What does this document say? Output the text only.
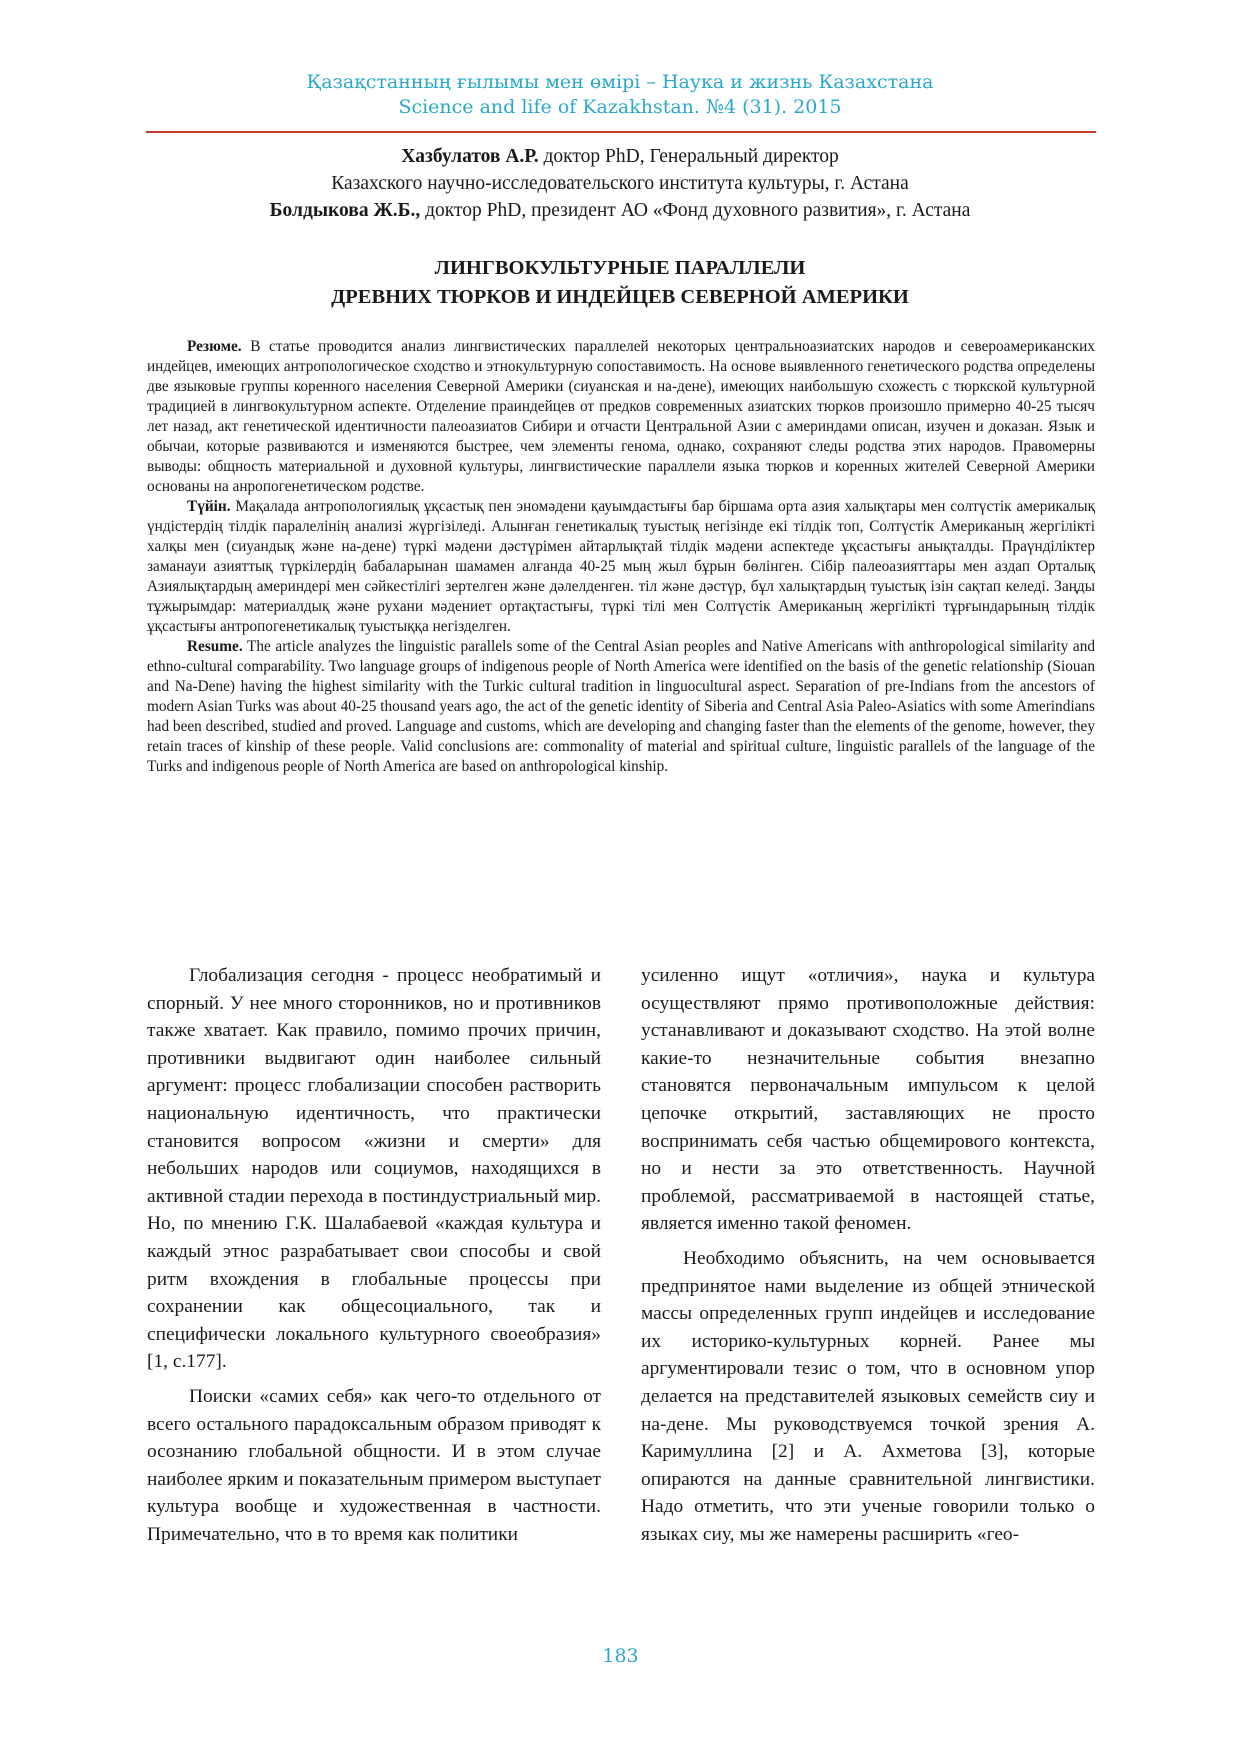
Қазақстанның ғылымы мен өмірі – Наука и жизнь Казахстана
Science and life of Kazakhstan. №4 (31). 2015
Хазбулатов А.Р. доктор PhD, Генеральный директор
Казахского научно-исследовательского института культуры, г. Астана
Болдыкова Ж.Б., доктор PhD, президент АО «Фонд духовного развития», г. Астана
ЛИНГВОКУЛЬТУРНЫЕ ПАРАЛЛЕЛИ
ДРЕВНИХ ТЮРКОВ И ИНДЕЙЦЕВ СЕВЕРНОЙ АМЕРИКИ

Резюме. В статье проводится анализ лингвистических параллелей некоторых центральноазиатских народов и североамериканских индейцев, имеющих антропологическое сходство и этнокультурную сопоставимость. На основе выявленного генетического родства определены две языковые группы коренного населения Северной Америки (сиуанская и на-дене), имеющих наибольшую схожесть с тюркской культурной традицией в лингвокультурном аспекте. Отделение праиндейцев от предков современных азиатских тюрков произошло примерно 40-25 тысяч лет назад, акт генетической идентичности палеоазиатов Сибири и отчасти Центральной Азии с америндами описан, изучен и доказан. Язык и обычаи, которые развиваются и изменяются быстрее, чем элементы генома, однако, сохраняют следы родства этих народов. Правомерны выводы: общность материальной и духовной культуры, лингвистические параллели языка тюрков и коренных жителей Северной Америки основаны на анропогенетическом родстве.

Түйін. Мақалада антропологиялық ұқсастық пен эномәдени қауымдастығы бар біршама орта азия халықтары мен солтүстік америкалық үндістердің тілдік паралелінің анализі жүргізіледі. Алынған генетикалық туыстық негізінде екі тілдік топ, Солтүстік Американың жергілікті халқы мен (сиуандық және на-дене) түркі мәдени дәстүрімен айтарлықтай тілдік мәдени аспектеде ұқсастығы анықталды. Праүнділіктер заманауи азияттық түркілердің бабаларынан шамамен алғанда 40-25 мың жыл бұрын бөлінген. Сібір палеоазияттары мен аздап Орталық Азиялықтардың америндері мен сәйкестілігі зертелген және дәлелденген. тіл және дәстүр, бұл халықтардың туыстық ізін сақтап келеді. Заңды тұжырымдар: материалдық және рухани мәдениет ортақтастығы, түркі тілі мен Солтүстік Американың жергілікті тұрғындарының тілдік ұқсастығы антропогенетикалық туыстыққа негізделген.

Resume. The article analyzes the linguistic parallels some of the Central Asian peoples and Native Americans with anthropological similarity and ethno-cultural comparability. Two language groups of indigenous people of North America were identified on the basis of the genetic relationship (Siouan and Na-Dene) having the highest similarity with the Turkic cultural tradition in linguocultural aspect. Separation of pre-Indians from the ancestors of modern Asian Turks was about 40-25 thousand years ago, the act of the genetic identity of Siberia and Central Asia Paleo-Asiatics with some Amerindians had been described, studied and proved. Language and customs, which are developing and changing faster than the elements of the genome, however, they retain traces of kinship of these people. Valid conclusions are: commonality of material and spiritual culture, linguistic parallels of the language of the Turks and indigenous people of North America are based on anthropological kinship.

Глобализация сегодня - процесс необратимый и спорный. У нее много сторонников, но и противников также хватает. Как правило, помимо прочих причин, противники выдвигают один наиболее сильный аргумент: процесс глобализации способен растворить национальную идентичность, что практически становится вопросом «жизни и смерти» для небольших народов или социумов, находящихся в активной стадии перехода в постиндустриальный мир. Но, по мнению Г.К. Шалабаевой «каждая культура и каждый этнос разрабатывает свои способы и свой ритм вхождения в глобальные процессы при сохранении как общесоциального, так и специфически локального культурного своеобразия» [1, с.177].

Поиски «самих себя» как чего-то отдельного от всего остального парадоксальным образом приводят к осознанию глобальной общности. И в этом случае наиболее ярким и показательным примером выступает культура вообще и художественная в частности. Примечательно, что в то время как политики

усиленно ищут «отличия», наука и культура осуществляют прямо противоположные действия: устанавливают и доказывают сходство. На этой волне какие-то незначительные события внезапно становятся первоначальным импульсом к целой цепочке открытий, заставляющих не просто воспринимать себя частью общемирового контекста, но и нести за это ответственность. Научной проблемой, рассматриваемой в настоящей статье, является именно такой феномен.

Необходимо объяснить, на чем основывается предпринятое нами выделение из общей этнической массы определенных групп индейцев и исследование их историко-культурных корней. Ранее мы аргументировали тезис о том, что в основном упор делается на представителей языковых семейств сиу и на-дене. Мы руководствуемся точкой зрения А. Каримуллина [2] и А. Ахметова [3], которые опираются на данные сравнительной лингвистики. Надо отметить, что эти ученые говорили только о языках сиу, мы же намерены расширить «гео-

183
